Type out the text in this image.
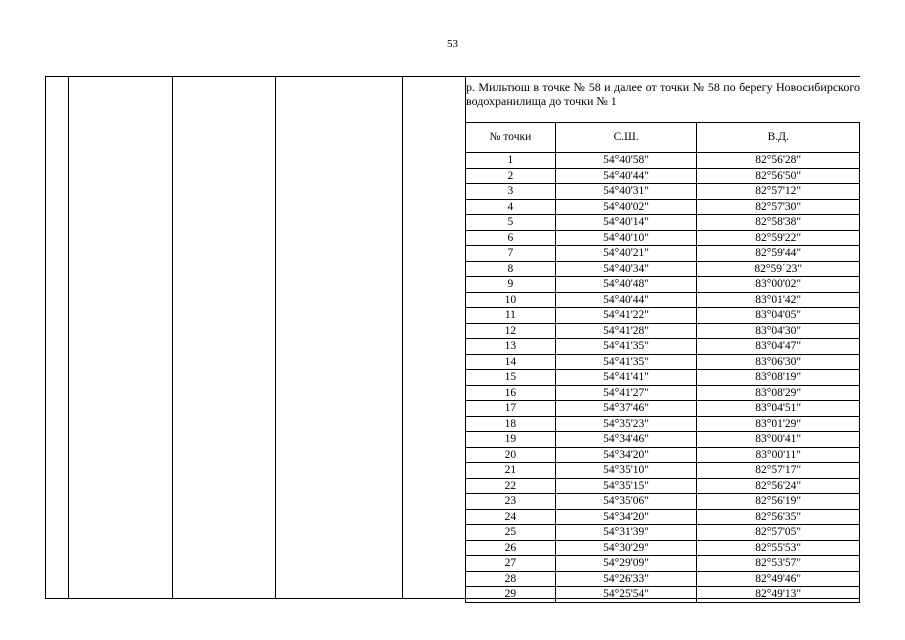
53
р. Мильтюш в точке № 58 и далее от точки № 58 по берегу Новосибирского водохранилища до точки № 1
№ точки	С.Ш.	В.Д.
1	54°40'58"	82°56'28"
2	54°40'44"	82°56'50"
3	54°40'31"	82°57'12"
4	54°40'02"	82°57'30"
5	54°40'14"	82°58'38"
6	54°40'10"	82°59'22"
7	54°40'21"	82°59'44"
8	54°40'34"	82°59΄23"
9	54°40'48"	83°00'02"
10	54°40'44"	83°01'42"
11	54°41'22"	83°04'05"
12	54°41'28"	83°04'30"
13	54°41'35"	83°04'47"
14	54°41'35"	83°06'30"
15	54°41'41"	83°08'19"
16	54°41'27"	83°08'29"
17	54°37'46"	83°04'51"
18	54°35'23"	83°01'29"
19	54°34'46"	83°00'41"
20	54°34'20"	83°00'11"
21	54°35'10"	82°57'17"
22	54°35'15"	82°56'24"
23	54°35'06"	82°56'19"
24	54°34'20"	82°56'35"
25	54°31'39"	82°57'05"
26	54°30'29"	82°55'53"
27	54°29'09"	82°53'57"
28	54°26'33"	82°49'46"
29	54°25'54"	82°49'13"
